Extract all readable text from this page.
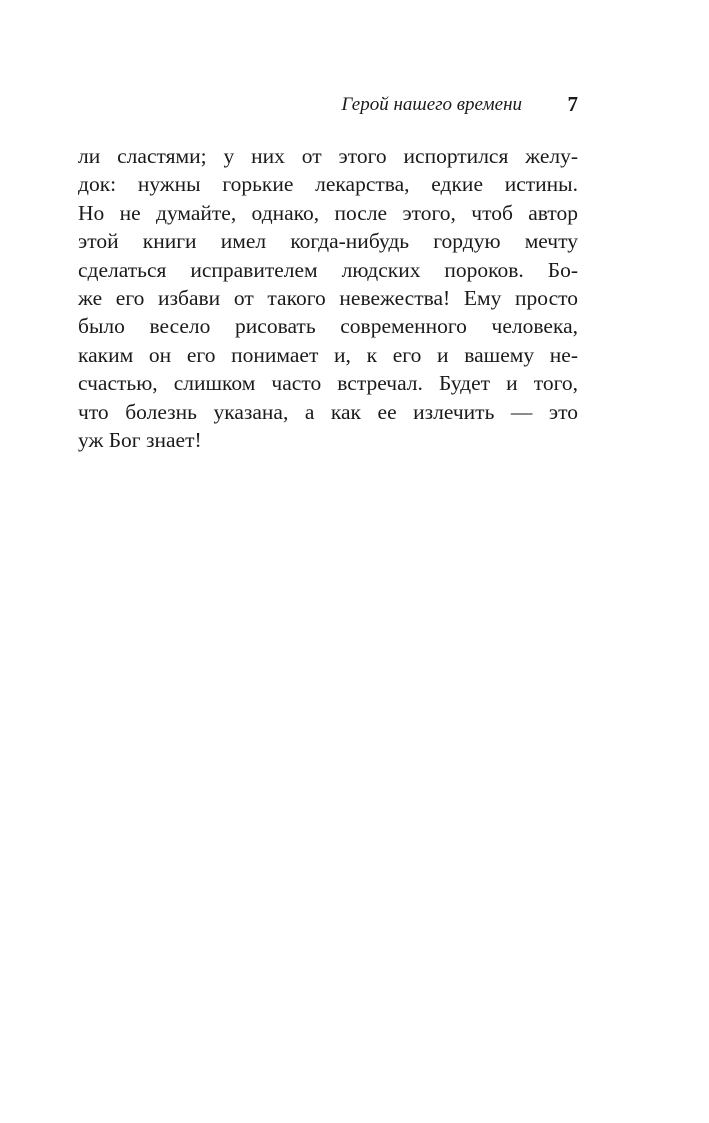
Герой нашего времени 7
ли сластями; у них от этого испортился желу-
док: нужны горькие лекарства, едкие истины.
Но не думайте, однако, после этого, чтоб автор
этой книги имел когда-нибудь гордую мечту
сделаться исправителем людских пороков. Бо-
же его избави от такого невежества! Ему просто
было весело рисовать современного человека,
каким он его понимает и, к его и вашему не-
счастью, слишком часто встречал. Будет и того,
что болезнь указана, а как ее излечить — это
уж Бог знает!
